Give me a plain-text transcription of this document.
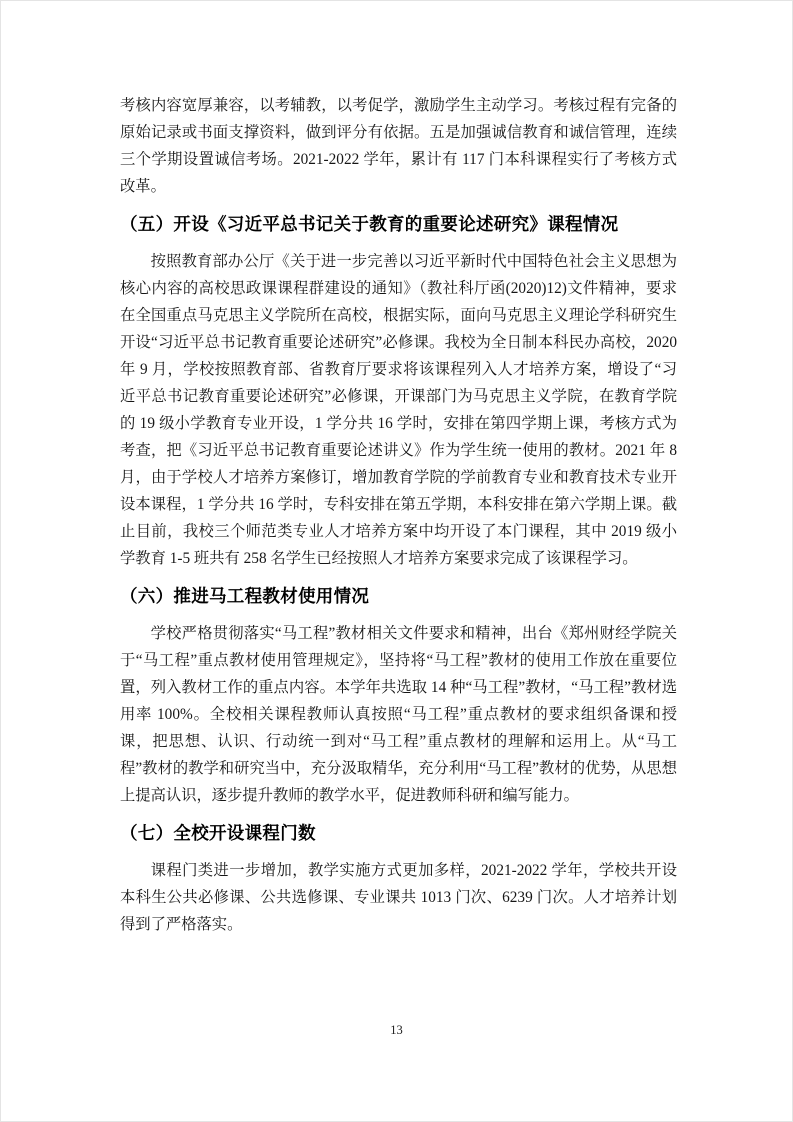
考核内容宽厚兼容，以考辅教，以考促学，激励学生主动学习。考核过程有完备的原始记录或书面支撑资料，做到评分有依据。五是加强诚信教育和诚信管理，连续三个学期设置诚信考场。2021-2022 学年，累计有 117 门本科课程实行了考核方式改革。

（五）开设《习近平总书记关于教育的重要论述研究》课程情况

按照教育部办公厅《关于进一步完善以习近平新时代中国特色社会主义思想为核心内容的高校思政课课程群建设的通知》（教社科厅函(2020)12)文件精神，要求在全国重点马克思主义学院所在高校，根据实际，面向马克思主义理论学科研究生开设“习近平总书记教育重要论述研究”必修课。我校为全日制本科民办高校，2020 年 9 月，学校按照教育部、省教育厅要求将该课程列入人才培养方案，增设了“习近平总书记教育重要论述研究”必修课，开课部门为马克思主义学院，在教育学院的 19 级小学教育专业开设，1 学分共 16 学时，安排在第四学期上课，考核方式为考查，把《习近平总书记教育重要论述讲义》作为学生统一使用的教材。2021 年 8 月，由于学校人才培养方案修订，增加教育学院的学前教育专业和教育技术专业开设本课程，1 学分共 16 学时，专科安排在第五学期，本科安排在第六学期上课。截止目前，我校三个师范类专业人才培养方案中均开设了本门课程，其中 2019 级小学教育 1-5 班共有 258 名学生已经按照人才培养方案要求完成了该课程学习。

（六）推进马工程教材使用情况

学校严格贯彻落实“马工程”教材相关文件要求和精神，出台《郑州财经学院关于“马工程”重点教材使用管理规定》，坚持将“马工程”教材的使用工作放在重要位置，列入教材工作的重点内容。本学年共选取 14 种“马工程”教材，“马工程”教材选用率 100%。全校相关课程教师认真按照“马工程”重点教材的要求组织备课和授课，把思想、认识、行动统一到对“马工程”重点教材的理解和运用上。从“马工程”教材的教学和研究当中，充分汲取精华，充分利用“马工程”教材的优势，从思想上提高认识，逐步提升教师的教学水平，促进教师科研和编写能力。

（七）全校开设课程门数

课程门类进一步增加，教学实施方式更加多样，2021-2022 学年，学校共开设本科生公共必修课、公共选修课、专业课共 1013 门次、6239 门次。人才培养计划得到了严格落实。

13
